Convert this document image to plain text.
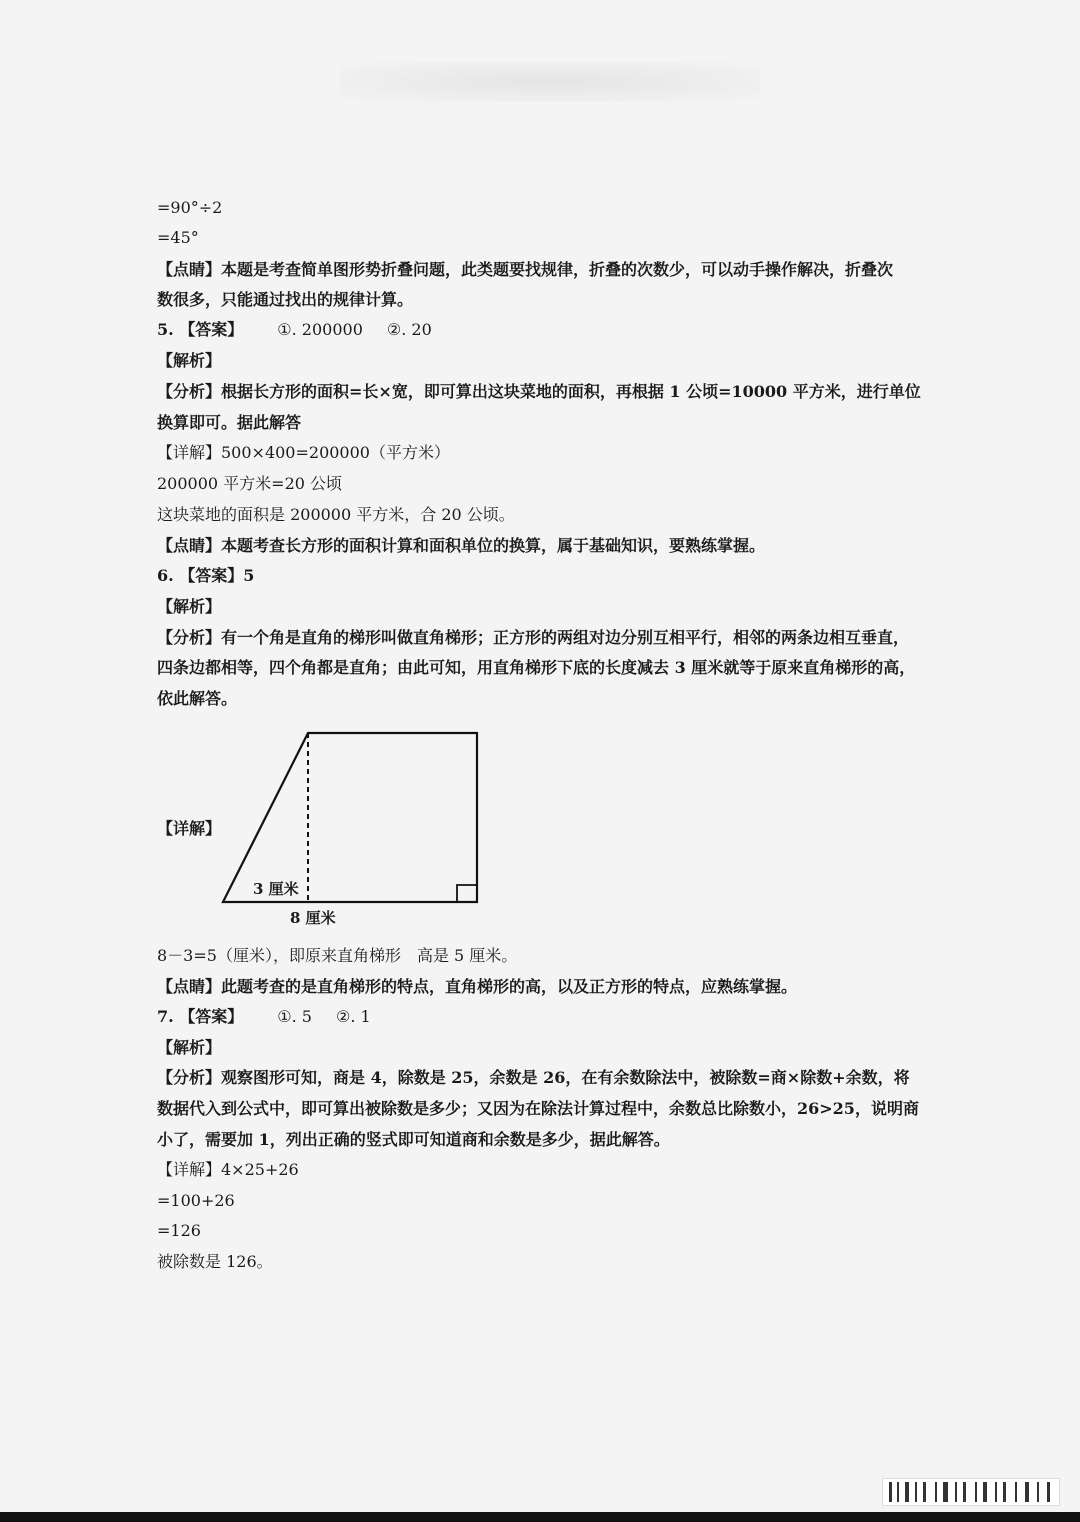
=90°÷2
=45°
【点睛】本题是考查简单图形势折叠问题，此类题要找规律，折叠的次数少，可以动手操作解决，折叠次
数很多，只能通过找出的规律计算。
5. 【答案】 ①. 200000 ②. 20
【解析】
【分析】根据长方形的面积=长×宽，即可算出这块菜地的面积，再根据 1 公顷=10000 平方米，进行单位
换算即可。据此解答
【详解】500×400=200000（平方米）
200000 平方米=20 公顷
这块菜地的面积是 200000 平方米，合 20 公顷。
【点睛】本题考查长方形的面积计算和面积单位的换算，属于基础知识，要熟练掌握。
6. 【答案】5
【解析】
【分析】有一个角是直角的梯形叫做直角梯形；正方形的两组对边分别互相平行，相邻的两条边相互垂直，
四条边都相等，四个角都是直角；由此可知，用直角梯形下底的长度减去 3 厘米就等于原来直角梯形的高，
依此解答。
【详解】
3 厘米
8 厘米
8－3=5（厘米），即原来直角梯形　高是 5 厘米。
【点睛】此题考查的是直角梯形的特点，直角梯形的高，以及正方形的特点，应熟练掌握。
7. 【答案】 ①. 5 ②. 1
【解析】
【分析】观察图形可知，商是 4，除数是 25，余数是 26，在有余数除法中，被除数=商×除数+余数，将
数据代入到公式中，即可算出被除数是多少；又因为在除法计算过程中，余数总比除数小，26>25，说明商
小了，需要加 1，列出正确的竖式即可知道商和余数是多少，据此解答。
【详解】4×25+26
=100+26
=126
被除数是 126。
